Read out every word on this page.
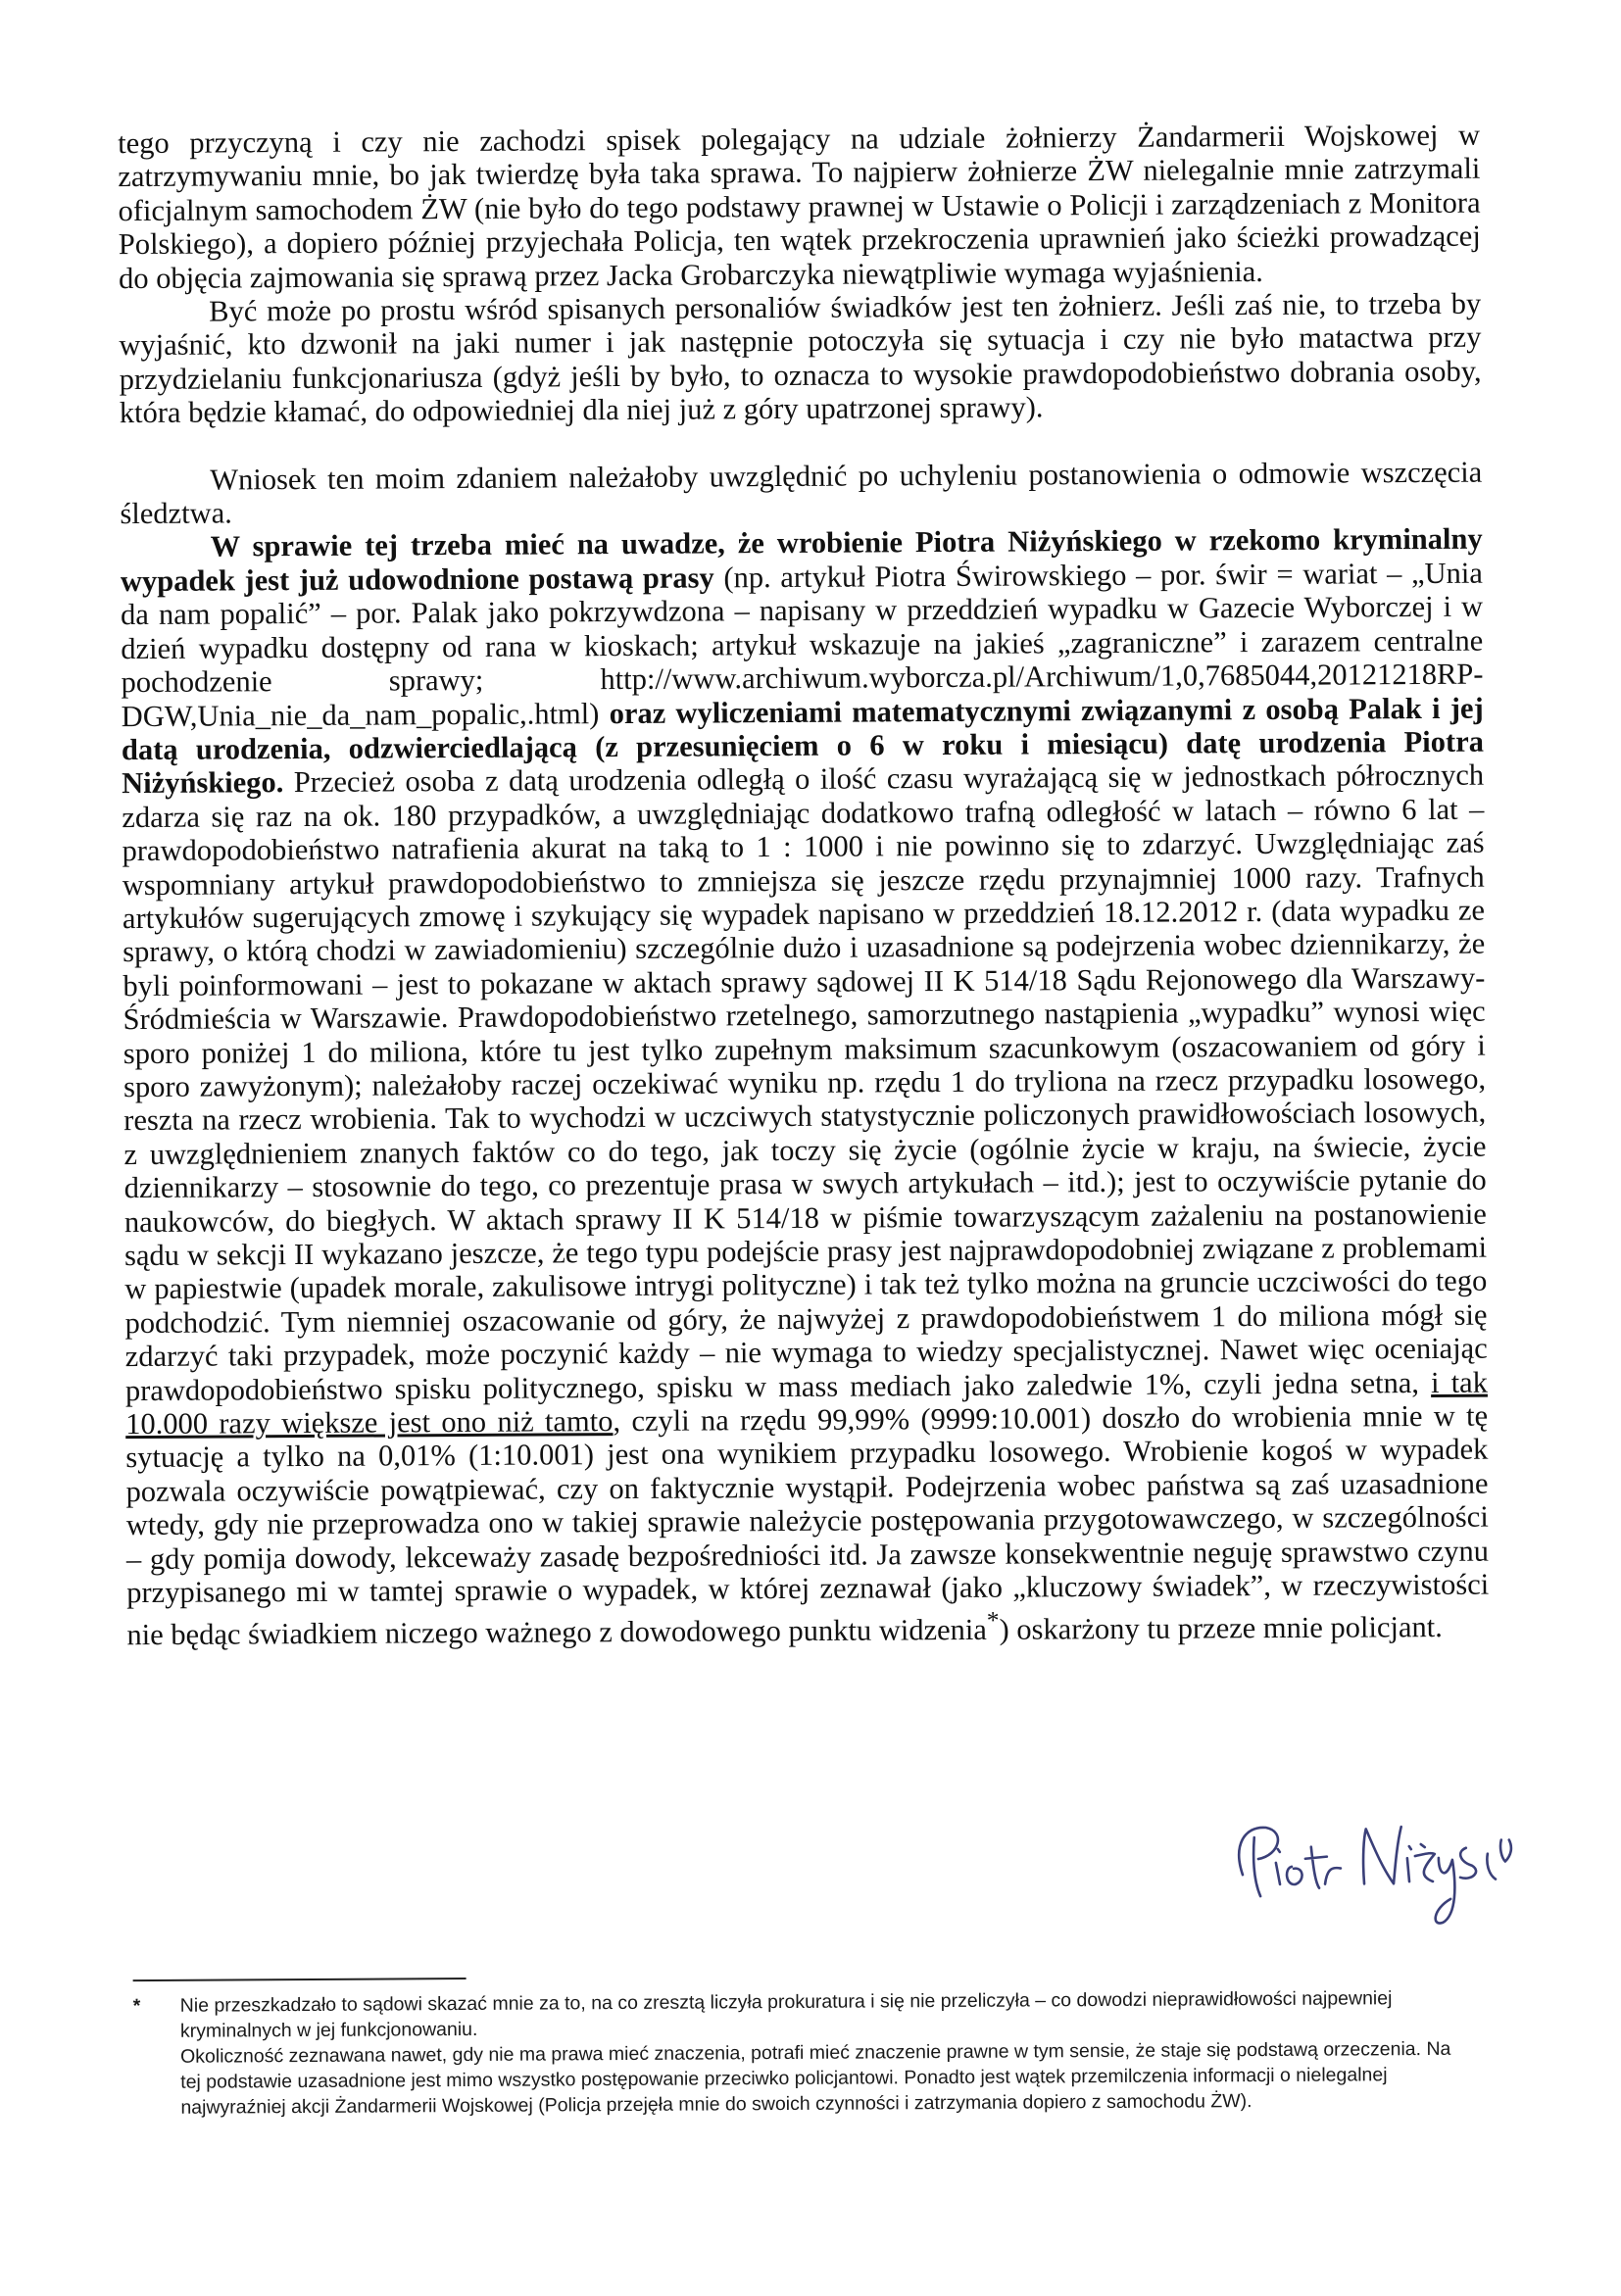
tego przyczyną i czy nie zachodzi spisek polegający na udziale żołnierzy Żandarmerii Wojskowej w zatrzymywaniu mnie, bo jak twierdzę była taka sprawa. To najpierw żołnierze ŻW nielegalnie mnie zatrzymali oficjalnym samochodem ŻW (nie było do tego podstawy prawnej w Ustawie o Policji i zarządzeniach z Monitora Polskiego), a dopiero później przyjechała Policja, ten wątek przekroczenia uprawnień jako ścieżki prowadzącej do objęcia zajmowania się sprawą przez Jacka Grobarczyka niewątpliwie wymaga wyjaśnienia.

Być może po prostu wśród spisanych personaliów świadków jest ten żołnierz. Jeśli zaś nie, to trzeba by wyjaśnić, kto dzwonił na jaki numer i jak następnie potoczyła się sytuacja i czy nie było matactwa przy przydzielaniu funkcjonariusza (gdyż jeśli by było, to oznacza to wysokie prawdopodobieństwo dobrania osoby, która będzie kłamać, do odpowiedniej dla niej już z góry upatrzonej sprawy).

Wniosek ten moim zdaniem należałoby uwzględnić po uchyleniu postanowienia o odmowie wszczęcia śledztwa.

W sprawie tej trzeba mieć na uwadze, że wrobienie Piotra Niżyńskiego w rzekomo kryminalny wypadek jest już udowodnione postawą prasy (np. artykuł Piotra Świrowskiego – por. świr = wariat – „Unia da nam popalić” – por. Palak jako pokrzywdzona – napisany w przeddzień wypadku w Gazecie Wyborczej i w dzień wypadku dostępny od rana w kioskach; artykuł wskazuje na jakieś „zagraniczne” i zarazem centralne pochodzenie sprawy; http://www.archiwum.wyborcza.pl/Archiwum/1,0,7685044,20121218RP-DGW,Unia_nie_da_nam_popalic,.html) oraz wyliczeniami matematycznymi związanymi z osobą Palak i jej datą urodzenia, odzwierciedlającą (z przesunięciem o 6 w roku i miesiącu) datę urodzenia Piotra Niżyńskiego. Przecież osoba z datą urodzenia odległą o ilość czasu wyrażającą się w jednostkach półrocznych zdarza się raz na ok. 180 przypadków, a uwzględniając dodatkowo trafną odległość w latach – równo 6 lat – prawdopodobieństwo natrafienia akurat na taką to 1 : 1000 i nie powinno się to zdarzyć. Uwzględniając zaś wspomniany artykuł prawdopodobieństwo to zmniejsza się jeszcze rzędu przynajmniej 1000 razy. Trafnych artykułów sugerujących zmowę i szykujący się wypadek napisano w przeddzień 18.12.2012 r. (data wypadku ze sprawy, o którą chodzi w zawiadomieniu) szczególnie dużo i uzasadnione są podejrzenia wobec dziennikarzy, że byli poinformowani – jest to pokazane w aktach sprawy sądowej II K 514/18 Sądu Rejonowego dla Warszawy-Śródmieścia w Warszawie. Prawdopodobieństwo rzetelnego, samorzutnego nastąpienia „wypadku” wynosi więc sporo poniżej 1 do miliona, które tu jest tylko zupełnym maksimum szacunkowym (oszacowaniem od góry i sporo zawyżonym); należałoby raczej oczekiwać wyniku np. rzędu 1 do tryliona na rzecz przypadku losowego, reszta na rzecz wrobienia. Tak to wychodzi w uczciwych statystycznie policzonych prawidłowościach losowych, z uwzględnieniem znanych faktów co do tego, jak toczy się życie (ogólnie życie w kraju, na świecie, życie dziennikarzy – stosownie do tego, co prezentuje prasa w swych artykułach – itd.); jest to oczywiście pytanie do naukowców, do biegłych. W aktach sprawy II K 514/18 w piśmie towarzyszącym zażaleniu na postanowienie sądu w sekcji II wykazano jeszcze, że tego typu podejście prasy jest najprawdopodobniej związane z problemami w papiestwie (upadek morale, zakulisowe intrygi polityczne) i tak też tylko można na gruncie uczciwości do tego podchodzić. Tym niemniej oszacowanie od góry, że najwyżej z prawdopodobieństwem 1 do miliona mógł się zdarzyć taki przypadek, może poczynić każdy – nie wymaga to wiedzy specjalistycznej. Nawet więc oceniając prawdopodobieństwo spisku politycznego, spisku w mass mediach jako zaledwie 1%, czyli jedna setna, i tak 10.000 razy większe jest ono niż tamto, czyli na rzędu 99,99% (9999:10.001) doszło do wrobienia mnie w tę sytuację a tylko na 0,01% (1:10.001) jest ona wynikiem przypadku losowego. Wrobienie kogoś w wypadek pozwala oczywiście powątpiewać, czy on faktycznie wystąpił. Podejrzenia wobec państwa są zaś uzasadnione wtedy, gdy nie przeprowadza ono w takiej sprawie należycie postępowania przygotowawczego, w szczególności – gdy pomija dowody, lekceważy zasadę bezpośredniości itd. Ja zawsze konsekwentnie neguję sprawstwo czynu przypisanego mi w tamtej sprawie o wypadek, w której zeznawał (jako „kluczowy świadek”, w rzeczywistości nie będąc świadkiem niczego ważnego z dowodowego punktu widzenia*) oskarżony tu przeze mnie policjant.

*	Nie przeszkadzało to sądowi skazać mnie za to, na co zresztą liczyła prokuratura i się nie przeliczyła – co dowodzi nieprawidłowości najpewniej kryminalnych w jej funkcjonowaniu.

Okoliczność zeznawana nawet, gdy nie ma prawa mieć znaczenia, potrafi mieć znaczenie prawne w tym sensie, że staje się podstawą orzeczenia. Na tej podstawie uzasadnione jest mimo wszystko postępowanie przeciwko policjantowi. Ponadto jest wątek przemilczenia informacji o nielegalnej najwyraźniej akcji Żandarmerii Wojskowej (Policja przejęła mnie do swoich czynności i zatrzymania dopiero z samochodu ŻW).
